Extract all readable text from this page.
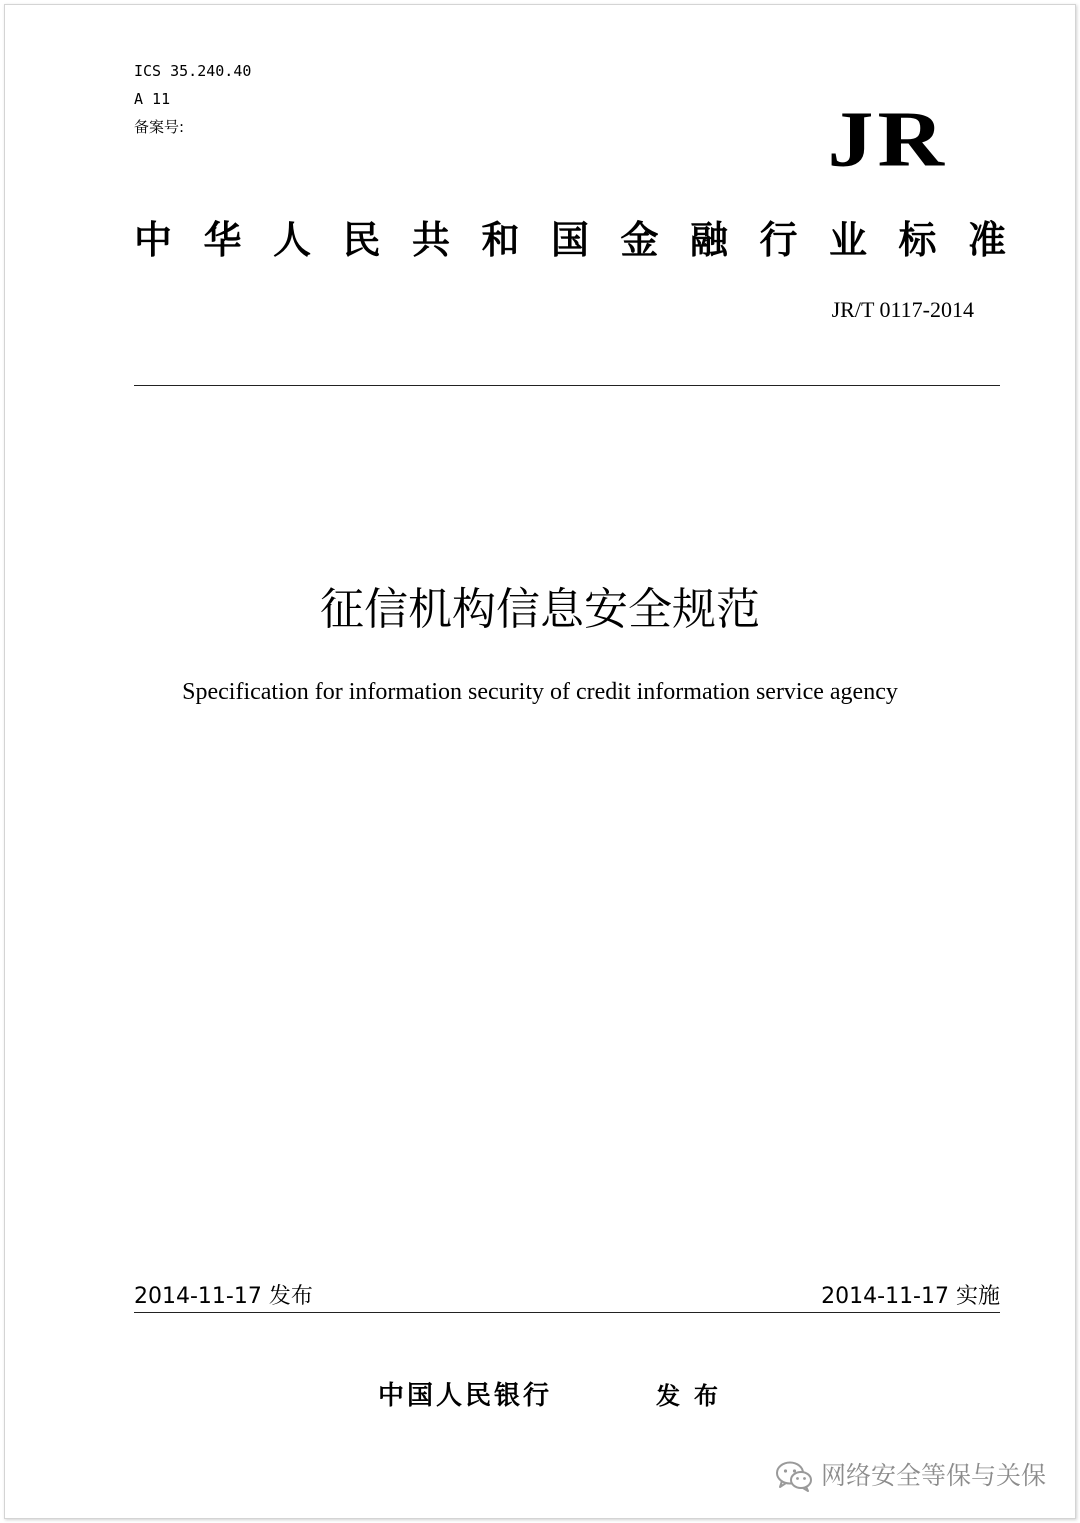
ICS 35.240.40
A 11
备案号:	JR
中华人民共和国金融行业标准
JR/T 0117-2014
征信机构信息安全规范
Specification for information security of credit information service agency
2014-11-17 发布	2014-11-17 实施
中国人民银行	发布
网络安全等保与关保
